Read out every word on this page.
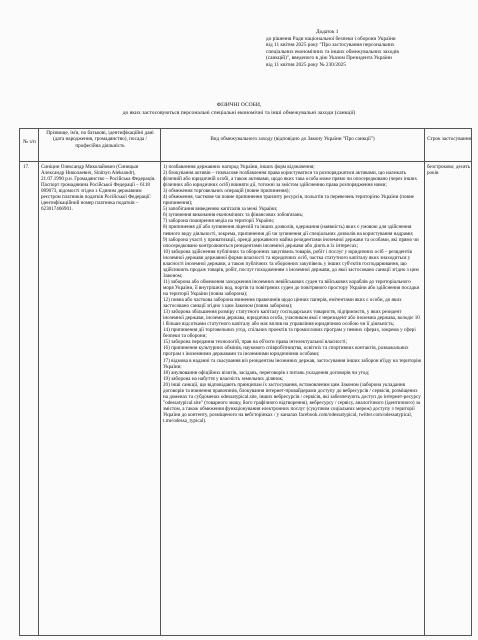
Додаток 1
до рішення Ради національної безпеки і оборони України
від 11 квітня 2025 року "Про застосування персональних
спеціальних економічних та інших обмежувальних заходів
(санкцій)", введеного в дію Указом Президента України
від 11 квітня 2025 року № 230/2025
ФІЗИЧНІ ОСОБИ,
до яких застосовуються персональні спеціальні економічні та інші обмежувальні заходи (санкції)
№ з/п
Прізвище, ім'я, по батькові, ідентифікаційні дані (дата народження, громадянство), посада / професійна діяльність
Вид обмежувального заходу (відповідно до Закону України "Про санкції")	Строк застосування
17.	Синіцин Олександр Миколайович (Синицын Александр Николаевич, Sinitsyn Aleksandr), 21.07.1990 р.н. Громадянство – Російська Федерація. Паспорт громадянина Російської Федерації – 6118 089073, відомості згідно з Єдиним державним реєстром платників податків Російської Федерації: ідентифікаційний номер платника податків – 623017466901.
1) позбавлення державних нагород України, інших форм відзначення;
2) блокування активів – тимчасове позбавлення права користуватися та розпоряджатися активами, що належать фізичній або юридичній особі, а також активами, щодо яких така особа може прямо чи опосередковано (через інших фізичних або юридичних осіб) вчиняти дії, тотожні за змістом здійсненню права розпорядження ними;
3) обмеження торговельних операцій (повне припинення);
4) обмеження, часткове чи повне припинення транзиту ресурсів, польотів та перевезень територією України (повне припинення);
5) запобігання виведенню капіталів за межі України;
6) зупинення виконання економічних та фінансових зобов'язань;
7) заборона поширення медіа на території України;
8) припинення дії або зупинення ліцензій та інших дозволів, одержання (наявність) яких є умовою для здійснення певного виду діяльності, зокрема, припинення дії чи зупинення дії спеціальних дозволів на користування надрами;
9) заборона участі у приватизації, оренді державного майна резидентами іноземної держави та особами, які прямо чи опосередковано контролюються резидентами іноземної держави або діють в їх інтересах;
10) заборона здійснення публічних та оборонних закупівель товарів, робіт і послуг у юридичних осіб – резидентів іноземної держави державної форми власності та юридичних осіб, частка статутного капіталу яких знаходиться у власності іноземної держави, а також публічних та оборонних закупівель у інших суб'єктів господарювання, що здійснюють продаж товарів, робіт, послуг походженням з іноземної держави, до якої застосовано санкції згідно з цим Законом;
11) заборона або обмеження заходження іноземних невійськових суден та військових кораблів до територіального моря України, її внутрішніх вод, портів та повітряних суден до повітряного простору України або здійснення посадки на території України (повна заборона);
12) повна або часткова заборона вчинення правочинів щодо цінних паперів, емітентами яких є особи, до яких застосовано санкції згідно з цим Законом (повна заборона);
13) заборона збільшення розміру статутного капіталу господарських товариств, підприємств, у яких резидент іноземної держави, іноземна держава, юридична особа, учасником якої є нерезидент або іноземна держава, володіє 10 і більше відсотками статутного капіталу або має вплив на управління юридичною особою чи її діяльність;
14) припинення дії торговельних угод, спільних проектів та промислових програм у певних сферах, зокрема у сфері безпеки та оборони;
15) заборона передання технологій, прав на об'єкти права інтелектуальної власності;
16) припинення культурних обмінів, наукового співробітництва, освітніх та спортивних контактів, розважальних програм з іноземними державами та іноземними юридичними особами;
17) відмова в наданні та скасування віз резидентам іноземних держав, застосування інших заборон в'їзду на територію України;
18) анулювання офіційних візитів, засідань, переговорів з питань укладення договорів чи угод;
19) заборона на набуття у власність земельних ділянок;
20) інші санкції, що відповідають принципам їх застосування, встановленим цим Законом (заборона укладання договорів та вчинення правочинів, блокування інтернет-провайдерами доступу до вебресурсів / сервісів, розміщених на доменах та субдоменах odessatypical.site, інших вебресурсів / сервісів, які забезпечують доступ до інтернет-ресурсу "odessatypical.site" (товарного знаку, його графічного відтворення), вебресурсу / сервісу, аналогічного (ідентичного) за змістом, а також обмеження функціонування електронних послуг (сукупним соціальних мереж) доступу з території України до контенту, розміщеного на вебсторінках / у каналах facebook.com/odessatypical, twitter.com/odessatypical, t.me/odessa_typical).
безстроково; десять років
